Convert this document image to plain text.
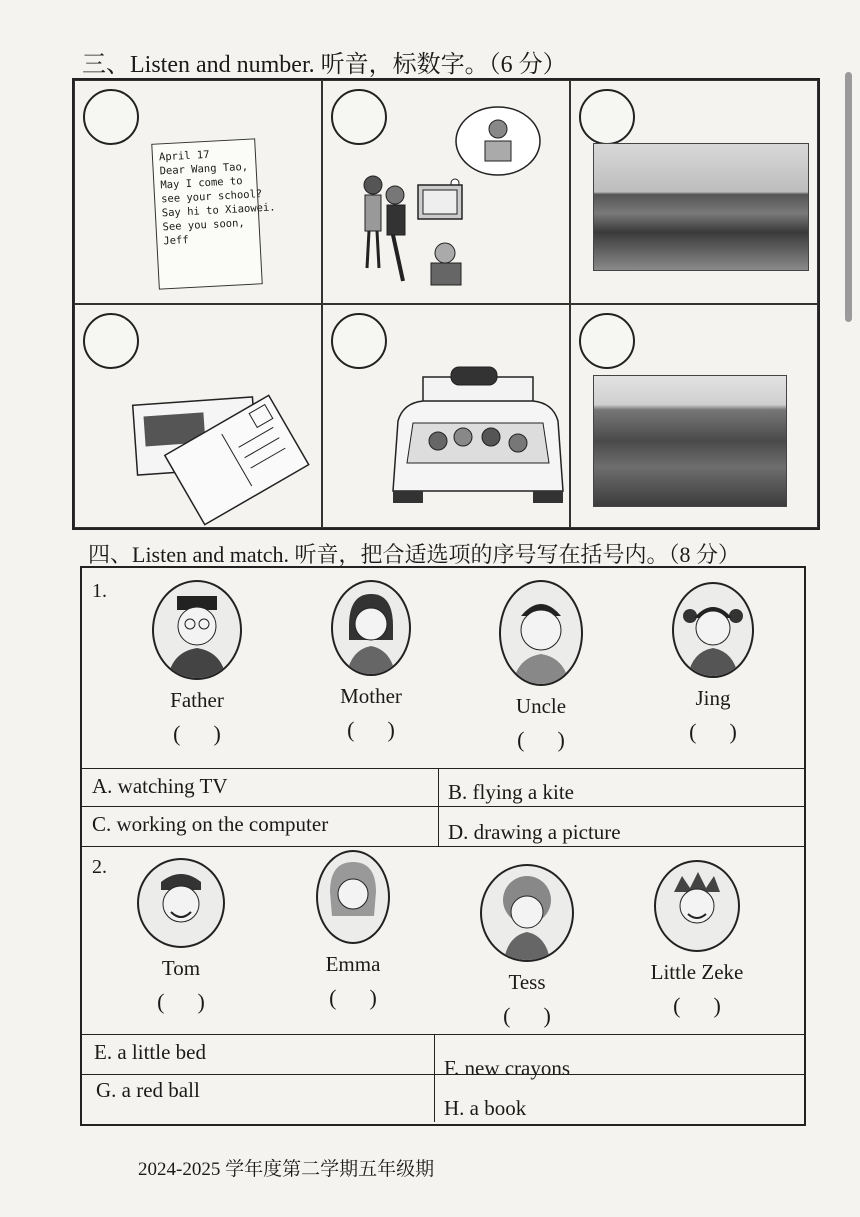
三、Listen and number. 听音，标数字。（6 分）
April 17
Dear Wang Tao,
May I come to
see your school?
Say hi to Xiaowei.
See you soon,
Jeff
四、Listen and match. 听音，把合适选项的序号写在括号内。（8 分）
1.
Father
(      )
Mother
(      )
Uncle
(      )
Jing
(      )
A. watching TV	B. flying a kite
C. working on the computer	D. drawing a picture
2.
Tom
(      )
Emma
(      )
Tess
(      )
Little Zeke
(      )
E. a little bed
F. new crayons
G. a red ball
H. a book
2024-2025 学年度第二学期五年级期
